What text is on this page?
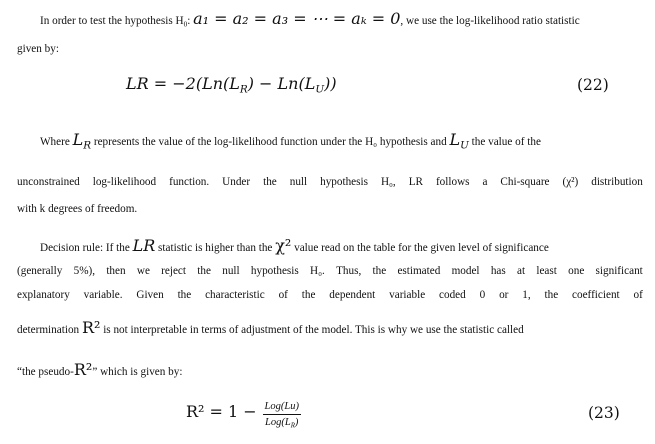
In order to test the hypothesis $H_0$: a₁ = a₂ = a₃ = ⋯ = aₖ = 0, we use the log-likelihood ratio statistic
given by:
LR = $-2(Ln(L_R) - Ln(L_U))$	(22)
Where $L_R$ represents the value of the log-likelihood function under the H₀ hypothesis and $L_U$ the value of the
unconstrained log-likelihood function. Under the null hypothesis H₀, LR follows a Chi-square (χ²) distribution
with k degrees of freedom.
Decision rule: If the LR statistic is higher than the χ² value read on the table for the given level of significance
(generally 5%), then we reject the null hypothesis H₀. Thus, the estimated model has at least one significant
explanatory variable. Given the characteristic of the dependent variable coded 0 or 1, the coefficient of
determination R² is not interpretable in terms of adjustment of the model. This is why we use the statistic called
“the pseudo-R²” which is given by:
$R^2 = 1 - \frac{\text{Log(Lu)}}{Log(L_R)}$	(23)
